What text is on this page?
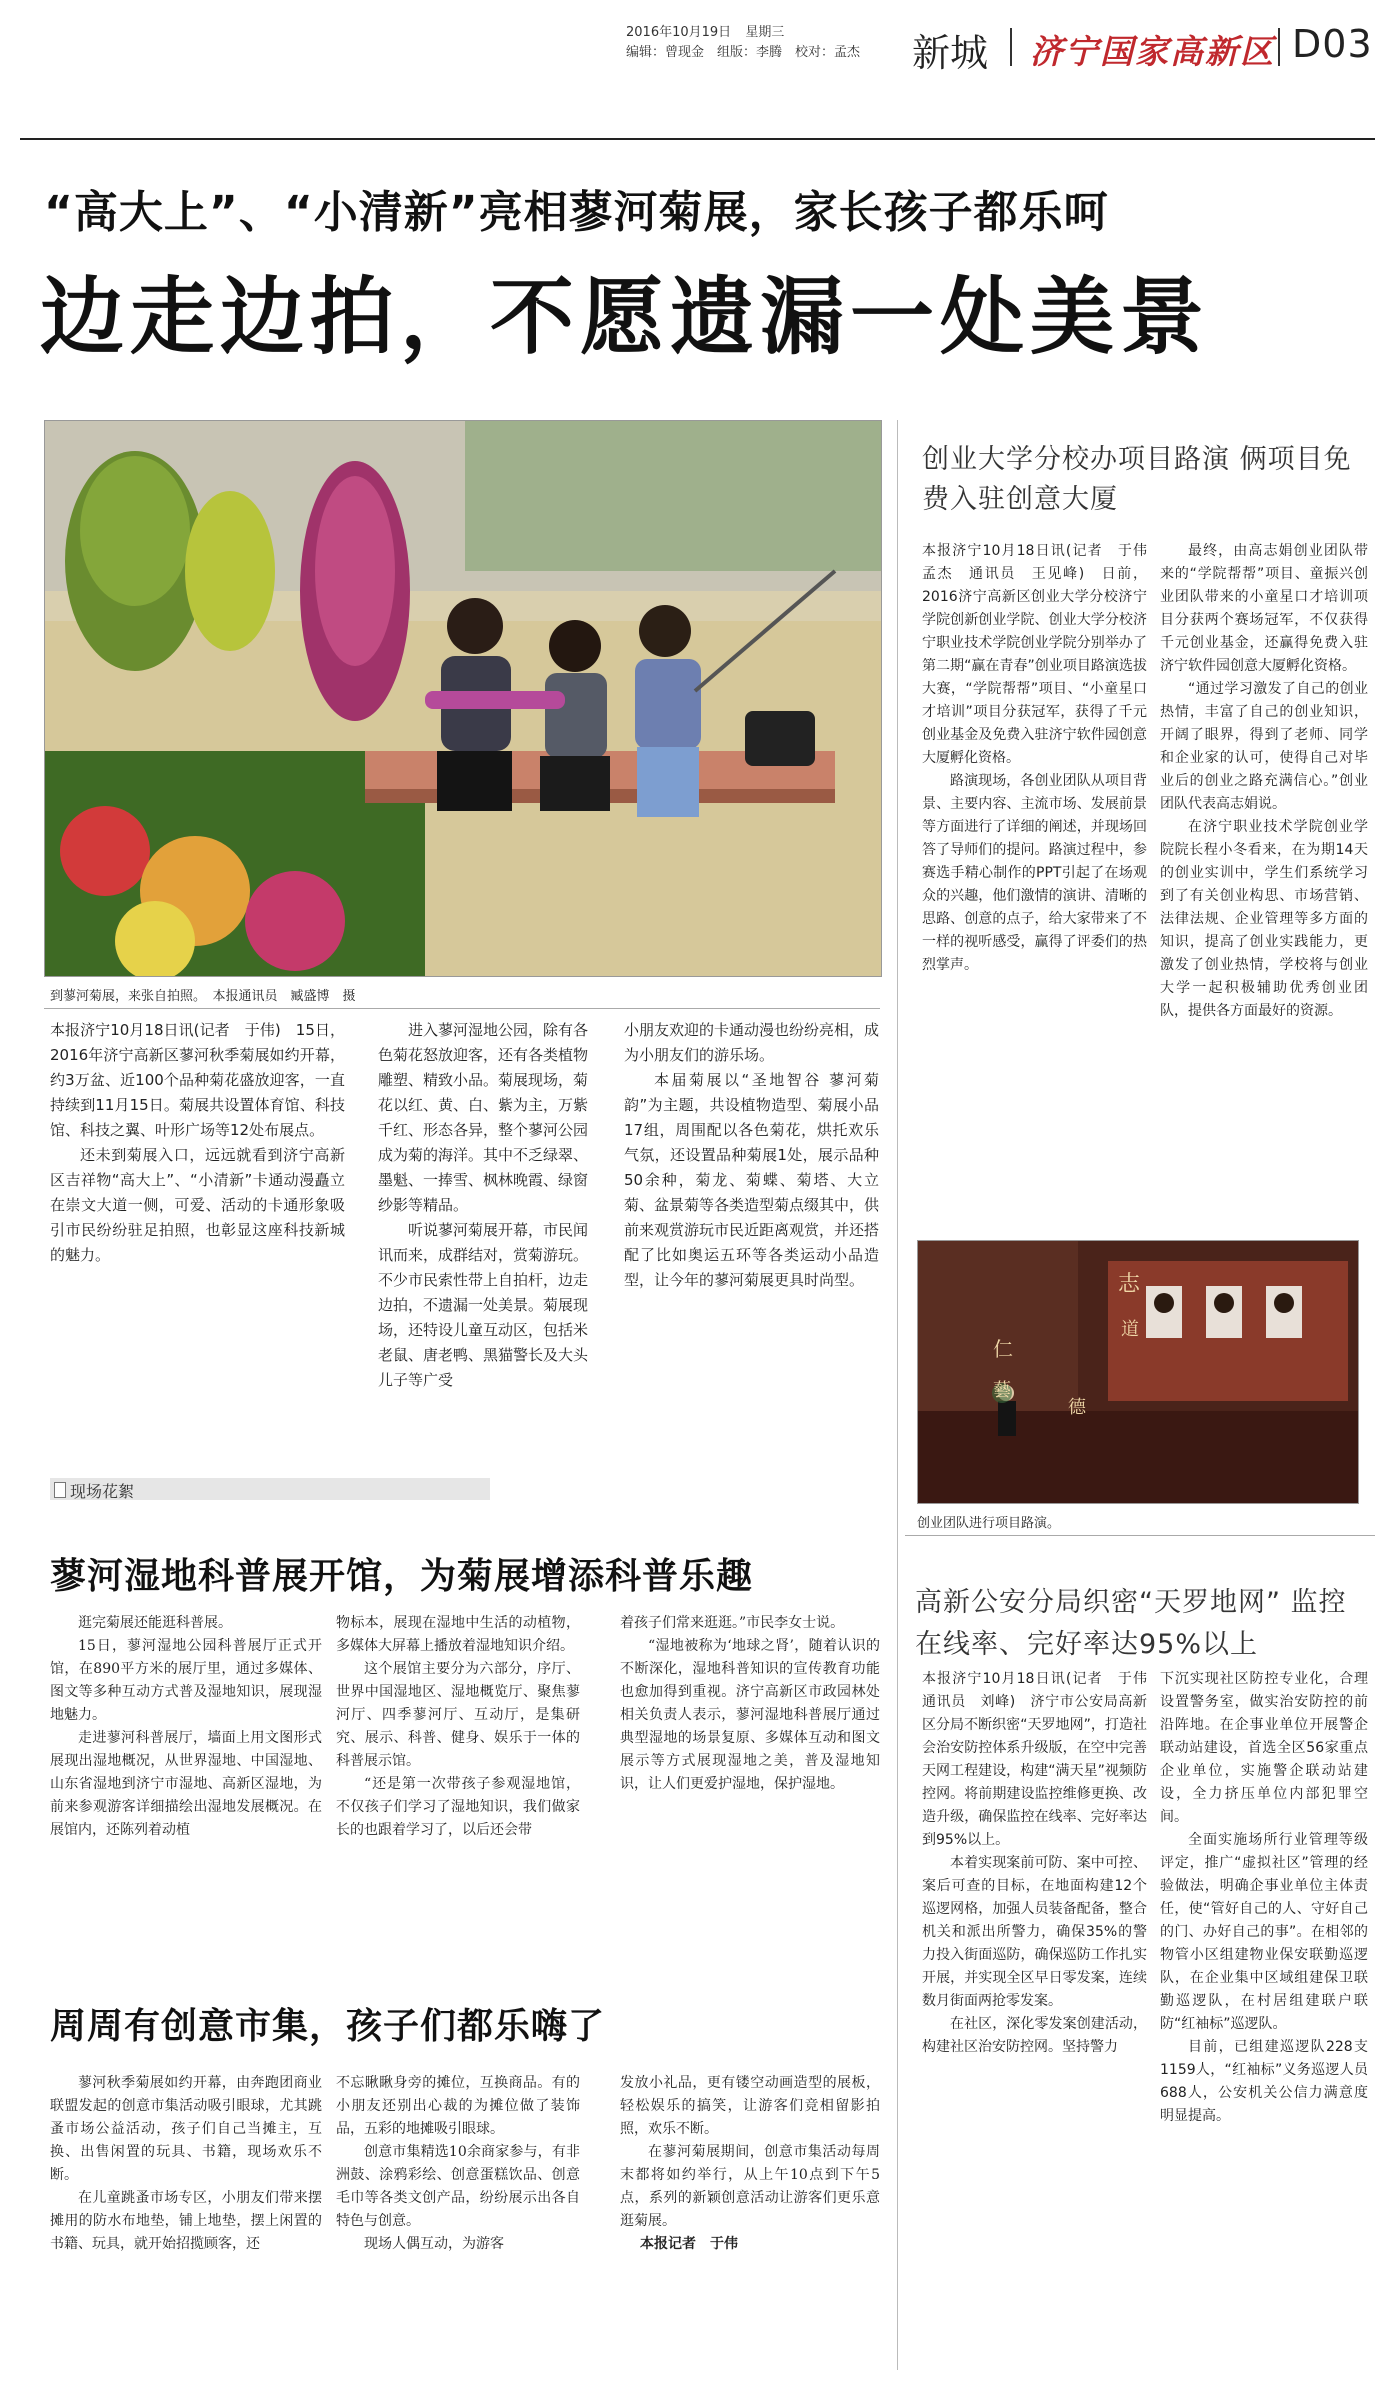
2016年10月19日 星期三
编辑：曾现金　组版：李腾　校对：孟杰 新城 济宁国家高新区 D03
“高大上”、“小清新”亮相蓼河菊展，家长孩子都乐呵
边走边拍，不愿遗漏一处美景
到蓼河菊展，来张自拍照。　本报通讯员　臧盛博　摄

本报济宁10月18日讯(记者　于伟)　15日，2016年济宁高新区蓼河秋季菊展如约开幕，约3万盆、近100个品种菊花盛放迎客，一直持续到11月15日。菊展共设置体育馆、科技馆、科技之翼、叶形广场等12处布展点。

还未到菊展入口，远远就看到济宁高新区吉祥物“高大上”、“小清新”卡通动漫矗立在崇文大道一侧，可爱、活动的卡通形象吸引市民纷纷驻足拍照，也彰显这座科技新城的魅力。

进入蓼河湿地公园，除有各色菊花怒放迎客，还有各类植物雕塑、精致小品。菊展现场，菊花以红、黄、白、紫为主，万紫千红、形态各异，整个蓼河公园成为菊的海洋。其中不乏绿翠、墨魁、一捧雪、枫林晚霞、绿窗纱影等精品。

听说蓼河菊展开幕，市民闻讯而来，成群结对，赏菊游玩。不少市民索性带上自拍杆，边走边拍，不遗漏一处美景。菊展现场，还特设儿童互动区，包括米老鼠、唐老鸭、黑猫警长及大头儿子等广受

小朋友欢迎的卡通动漫也纷纷亮相，成为小朋友们的游乐场。

本届菊展以“圣地智谷 蓼河菊韵”为主题，共设植物造型、菊展小品17组，周围配以各色菊花，烘托欢乐气氛，还设置品种菊展1处，展示品种50余种，菊龙、菊蝶、菊塔、大立菊、盆景菊等各类造型菊点缀其中，供前来观赏游玩市民近距离观赏，并还搭配了比如奥运五环等各类运动小品造型，让今年的蓼河菊展更具时尚型。

创业大学分校办项目路演 俩项目免费入驻创意大厦

本报济宁10月18日讯(记者　于伟　孟杰　通讯员　王见峰)　日前，2016济宁高新区创业大学分校济宁学院创新创业学院、创业大学分校济宁职业技术学院创业学院分别举办了第二期“赢在青春”创业项目路演选拔大赛，“学院帮帮”项目、“小童星口才培训”项目分获冠军，获得了千元创业基金及免费入驻济宁软件园创意大厦孵化资格。

路演现场，各创业团队从项目背景、主要内容、主流市场、发展前景等方面进行了详细的阐述，并现场回答了导师们的提问。路演过程中，参赛选手精心制作的PPT引起了在场观众的兴趣，他们激情的演讲、清晰的思路、创意的点子，给大家带来了不一样的视听感受，赢得了评委们的热烈掌声。

最终，由高志娟创业团队带来的“学院帮帮”项目、童振兴创业团队带来的小童星口才培训项目分获两个赛场冠军，不仅获得千元创业基金，还赢得免费入驻济宁软件园创意大厦孵化资格。

“通过学习激发了自己的创业热情，丰富了自己的创业知识，开阔了眼界，得到了老师、同学和企业家的认可，使得自己对毕业后的创业之路充满信心。”创业团队代表高志娟说。

在济宁职业技术学院创业学院院长程小冬看来，在为期14天的创业实训中，学生们系统学习到了有关创业构思、市场营销、法律法规、企业管理等多方面的知识，提高了创业实践能力，更激发了创业热情，学校将与创业大学一起积极辅助优秀创业团队，提供各方面最好的资源。

志
仁
德
道
藝
创业团队进行项目路演。
现场花絮
蓼河湿地科普展开馆，为菊展增添科普乐趣

逛完菊展还能逛科普展。

15日，蓼河湿地公园科普展厅正式开馆，在890平方米的展厅里，通过多媒体、图文等多种互动方式普及湿地知识，展现湿地魅力。

走进蓼河科普展厅，墙面上用文图形式展现出湿地概况，从世界湿地、中国湿地、山东省湿地到济宁市湿地、高新区湿地，为前来参观游客详细描绘出湿地发展概况。在展馆内，还陈列着动植

物标本，展现在湿地中生活的动植物，多媒体大屏幕上播放着湿地知识介绍。

这个展馆主要分为六部分，序厅、世界中国湿地区、湿地概览厅、聚焦蓼河厅、四季蓼河厅、互动厅，是集研究、展示、科普、健身、娱乐于一体的科普展示馆。

“还是第一次带孩子参观湿地馆，不仅孩子们学习了湿地知识，我们做家长的也跟着学习了，以后还会带

着孩子们常来逛逛。”市民李女士说。

“湿地被称为‘地球之肾’，随着认识的不断深化，湿地科普知识的宣传教育功能也愈加得到重视。济宁高新区市政园林处相关负责人表示，蓼河湿地科普展厅通过典型湿地的场景复原、多媒体互动和图文展示等方式展现湿地之美，普及湿地知识，让人们更爱护湿地，保护湿地。

周周有创意市集，孩子们都乐嗨了

蓼河秋季菊展如约开幕，由奔跑团商业联盟发起的创意市集活动吸引眼球，尤其跳蚤市场公益活动，孩子们自己当摊主，互换、出售闲置的玩具、书籍，现场欢乐不断。

在儿童跳蚤市场专区，小朋友们带来摆摊用的防水布地垫，铺上地垫，摆上闲置的书籍、玩具，就开始招揽顾客，还

不忘瞅瞅身旁的摊位，互换商品。有的小朋友还别出心裁的为摊位做了装饰品，五彩的地摊吸引眼球。

创意市集精选10余商家参与，有非洲鼓、涂鸦彩绘、创意蛋糕饮品、创意毛巾等各类文创产品，纷纷展示出各自特色与创意。

现场人偶互动，为游客

发放小礼品，更有镂空动画造型的展板，轻松娱乐的搞笑，让游客们竞相留影拍照，欢乐不断。

在蓼河菊展期间，创意市集活动每周末都将如约举行，从上午10点到下午5点，系列的新颖创意活动让游客们更乐意逛菊展。

本报记者　于伟

高新公安分局织密“天罗地网” 监控在线率、完好率达95%以上

本报济宁10月18日讯(记者　于伟　通讯员　刘峰)　济宁市公安局高新区分局不断织密“天罗地网”，打造社会治安防控体系升级版，在空中完善天网工程建设，构建“满天星”视频防控网。将前期建设监控维修更换、改造升级，确保监控在线率、完好率达到95%以上。

本着实现案前可防、案中可控、案后可查的目标，在地面构建12个巡逻网格，加强人员装备配备，整合机关和派出所警力，确保35%的警力投入街面巡防，确保巡防工作扎实开展，并实现全区早日零发案，连续数月街面两抢零发案。

在社区，深化零发案创建活动，构建社区治安防控网。坚持警力

下沉实现社区防控专业化，合理设置警务室，做实治安防控的前沿阵地。在企事业单位开展警企联动站建设，首选全区56家重点企业单位，实施警企联动站建设，全力挤压单位内部犯罪空间。

全面实施场所行业管理等级评定，推广“虚拟社区”管理的经验做法，明确企事业单位主体责任，使“管好自己的人、守好自己的门、办好自己的事”。在相邻的物管小区组建物业保安联勤巡逻队，在企业集中区域组建保卫联勤巡逻队，在村居组建联户联防“红袖标”巡逻队。

目前，已组建巡逻队228支1159人，“红袖标”义务巡逻人员688人，公安机关公信力满意度明显提高。
